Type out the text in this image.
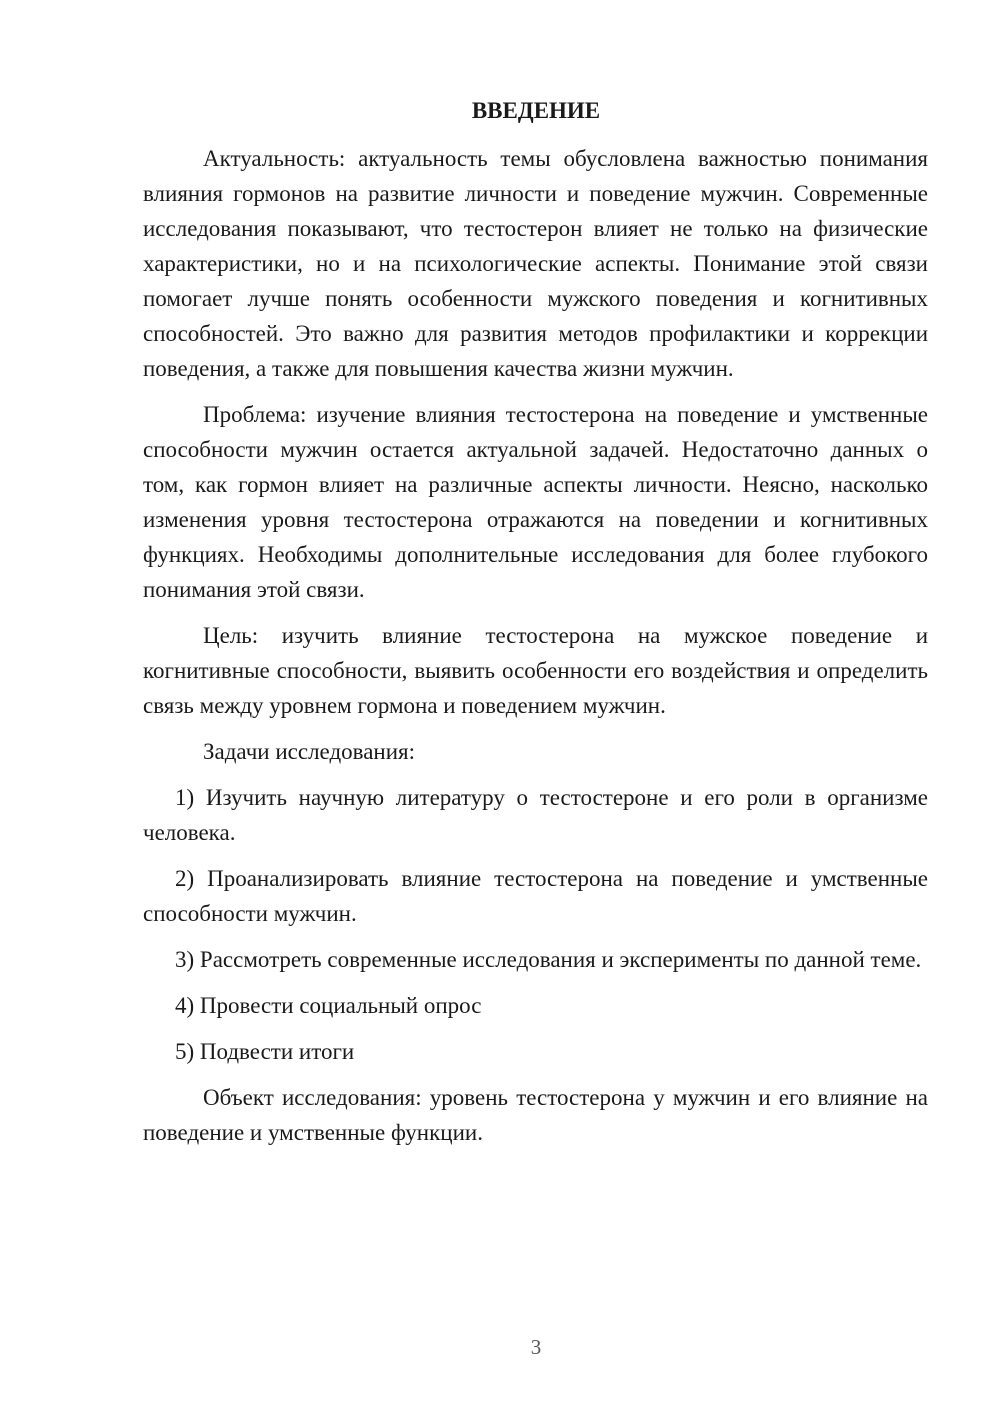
ВВЕДЕНИЕ

Актуальность: актуальность темы обусловлена важностью понимания влияния гормонов на развитие личности и поведение мужчин. Современные исследования показывают, что тестостерон влияет не только на физические характеристики, но и на психологические аспекты. Понимание этой связи помогает лучше понять особенности мужского поведения и когнитивных способностей. Это важно для развития методов профилактики и коррекции поведения, а также для повышения качества жизни мужчин.

Проблема: изучение влияния тестостерона на поведение и умственные способности мужчин остается актуальной задачей. Недостаточно данных о том, как гормон влияет на различные аспекты личности. Неясно, насколько изменения уровня тестостерона отражаются на поведении и когнитивных функциях. Необходимы дополнительные исследования для более глубокого понимания этой связи.

Цель: изучить влияние тестостерона на мужское поведение и когнитивные способности, выявить особенности его воздействия и определить связь между уровнем гормона и поведением мужчин.

Задачи исследования:

1) Изучить научную литературу о тестостероне и его роли в организме человека.

2) Проанализировать влияние тестостерона на поведение и умственные способности мужчин.

3) Рассмотреть современные исследования и эксперименты по данной теме.

4) Провести социальный опрос

5) Подвести итоги

Объект исследования: уровень тестостерона у мужчин и его влияние на поведение и умственные функции.

3
